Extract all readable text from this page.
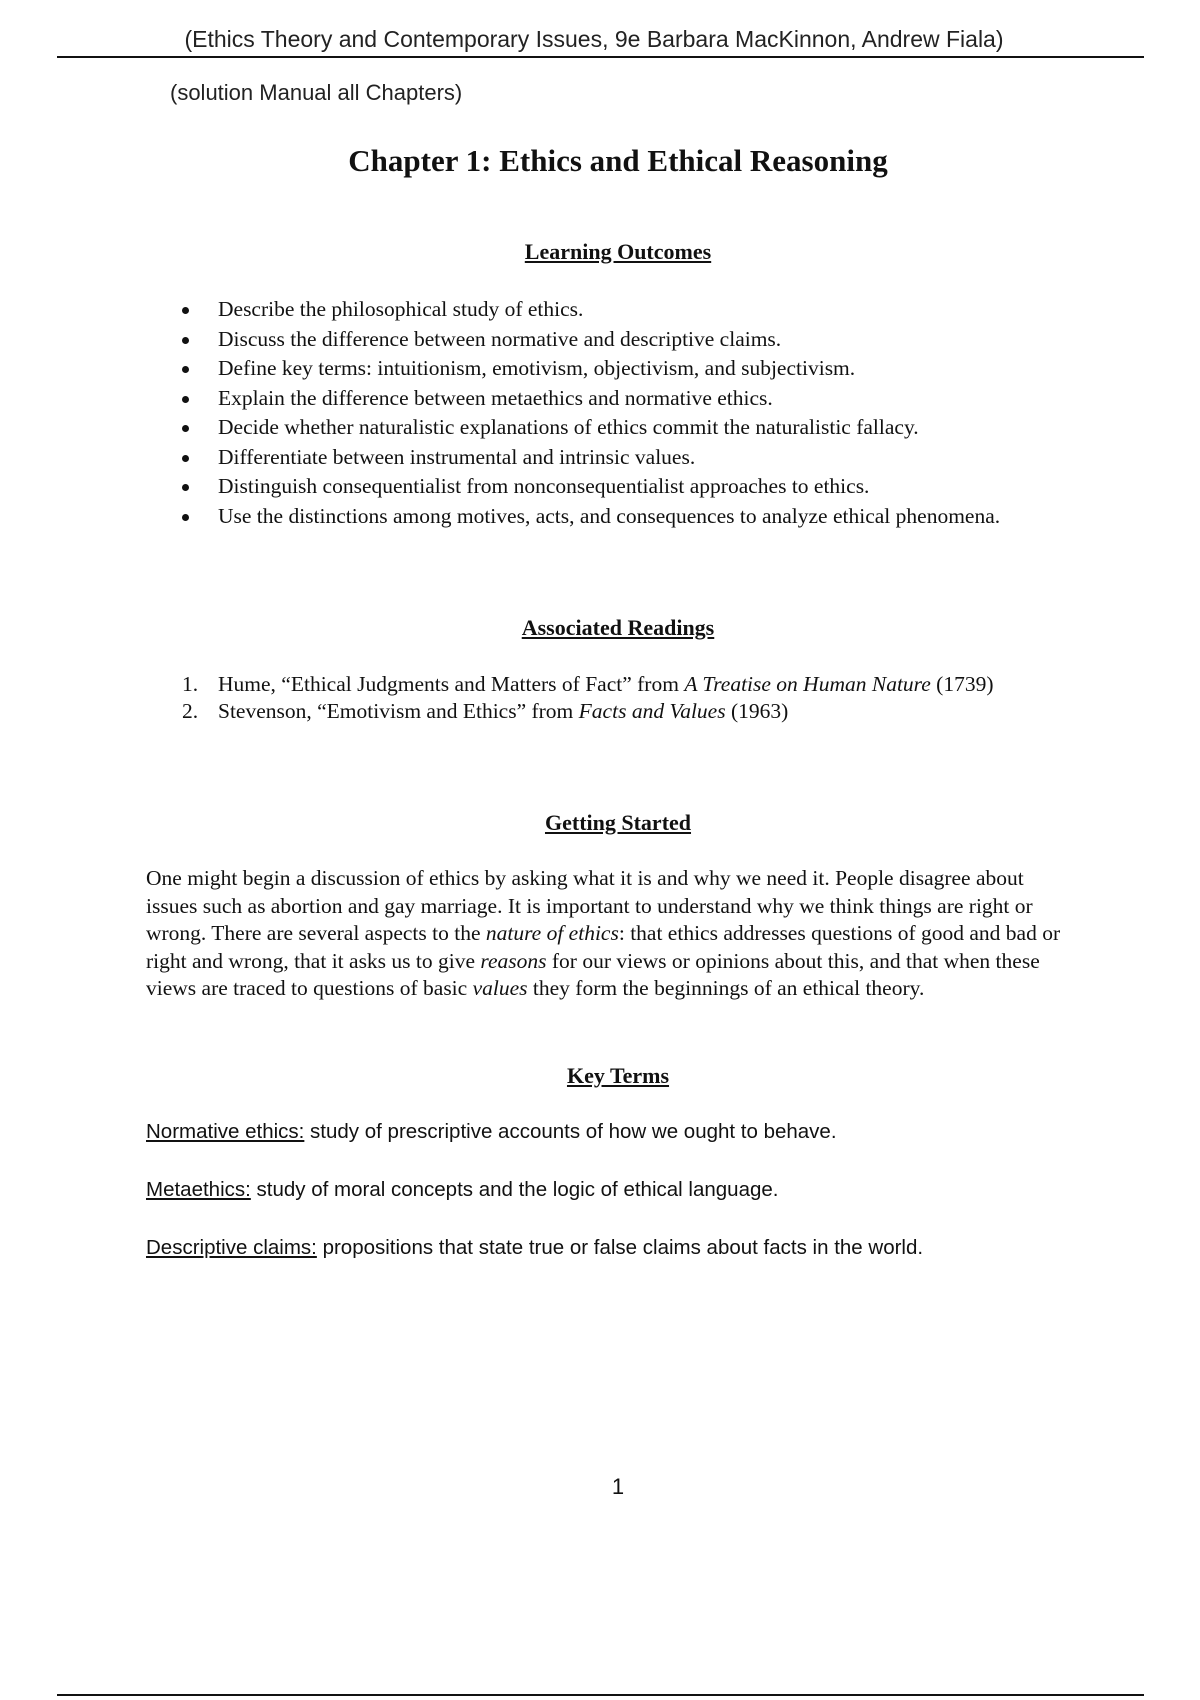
(Ethics Theory and Contemporary Issues, 9e Barbara MacKinnon, Andrew Fiala)
(solution Manual all Chapters)
Chapter 1: Ethics and Ethical Reasoning
Learning Outcomes
Describe the philosophical study of ethics.
Discuss the difference between normative and descriptive claims.
Define key terms: intuitionism, emotivism, objectivism, and subjectivism.
Explain the difference between metaethics and normative ethics.
Decide whether naturalistic explanations of ethics commit the naturalistic fallacy.
Differentiate between instrumental and intrinsic values.
Distinguish consequentialist from nonconsequentialist approaches to ethics.
Use the distinctions among motives, acts, and consequences to analyze ethical phenomena.
Associated Readings
1. Hume, “Ethical Judgments and Matters of Fact” from A Treatise on Human Nature (1739)
2. Stevenson, “Emotivism and Ethics” from Facts and Values (1963)
Getting Started

One might begin a discussion of ethics by asking what it is and why we need it. People disagree about issues such as abortion and gay marriage. It is important to understand why we think things are right or wrong. There are several aspects to the nature of ethics: that ethics addresses questions of good and bad or right and wrong, that it asks us to give reasons for our views or opinions about this, and that when these views are traced to questions of basic values they form the beginnings of an ethical theory.

Key Terms

Normative ethics: study of prescriptive accounts of how we ought to behave.

Metaethics: study of moral concepts and the logic of ethical language.

Descriptive claims: propositions that state true or false claims about facts in the world.

1
